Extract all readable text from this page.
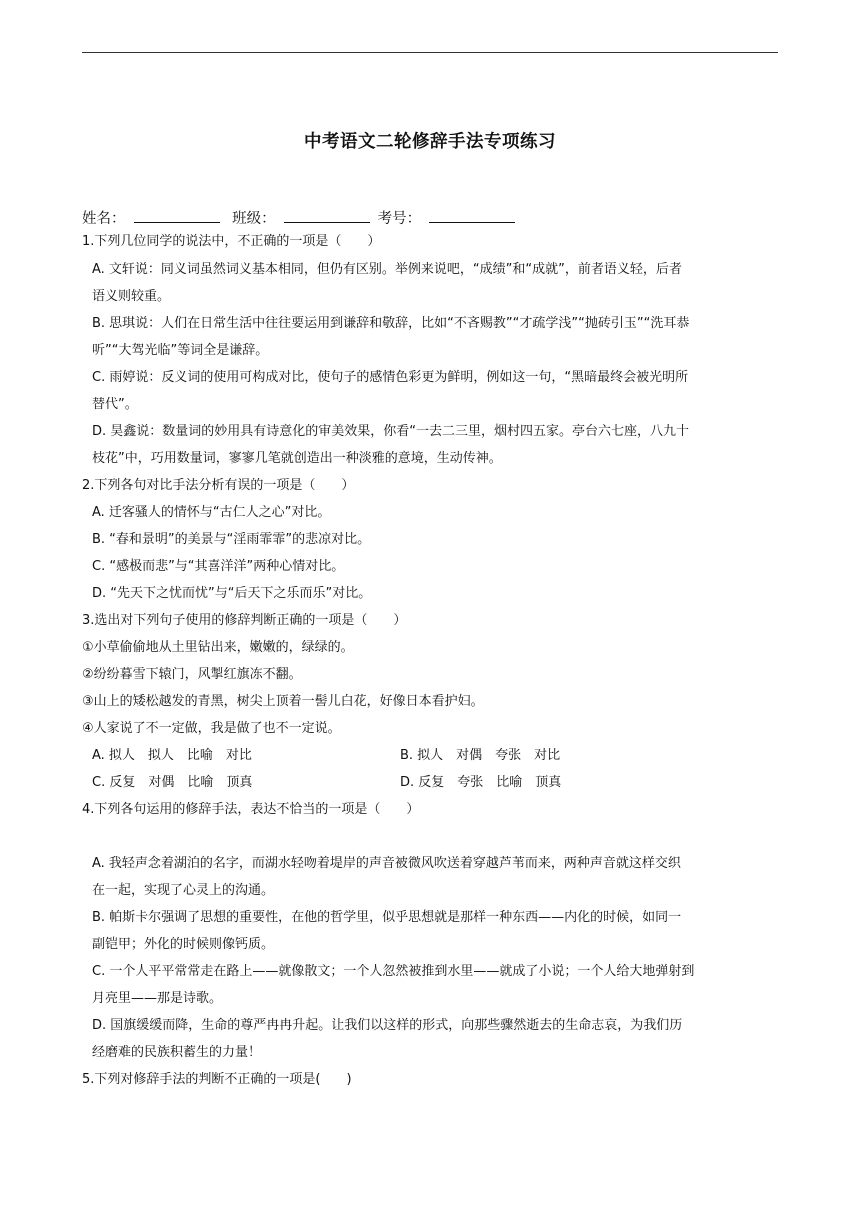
中考语文二轮修辞手法专项练习
姓名：	班级：	考号：
1.下列几位同学的说法中，不正确的一项是（　　）
A. 文轩说：同义词虽然词义基本相同，但仍有区别。举例来说吧，“成绩”和“成就”，前者语义轻，后者
语义则较重。
B. 思琪说：人们在日常生活中往往要运用到谦辞和敬辞，比如“不吝赐教”“才疏学浅”“抛砖引玉”“洗耳恭
听”“大驾光临”等词全是谦辞。
C. 雨婷说：反义词的使用可构成对比，使句子的感情色彩更为鲜明，例如这一句，“黑暗最终会被光明所
替代”。
D. 昊鑫说：数量词的妙用具有诗意化的审美效果，你看“一去二三里，烟村四五家。亭台六七座，八九十
枝花”中，巧用数量词，寥寥几笔就创造出一种淡雅的意境，生动传神。
2.下列各句对比手法分析有误的一项是（　　）
A. 迁客骚人的情怀与“古仁人之心”对比。
B. “春和景明”的美景与“淫雨霏霏”的悲凉对比。
C. “感极而悲”与“其喜洋洋”两种心情对比。
D. “先天下之忧而忧”与“后天下之乐而乐”对比。
3.选出对下列句子使用的修辞判断正确的一项是（　　）
①小草偷偷地从土里钻出来，嫩嫩的，绿绿的。
②纷纷暮雪下辕门，风掣红旗冻不翻。
③山上的矮松越发的青黑，树尖上顶着一髻儿白花，好像日本看护妇。
④人家说了不一定做，我是做了也不一定说。
A. 拟人　拟人　比喻　对比	B. 拟人　对偶　夸张　对比
C. 反复　对偶　比喻　顶真	D. 反复　夸张　比喻　顶真
4.下列各句运用的修辞手法，表达不恰当的一项是（　　）
A. 我轻声念着湖泊的名字，而湖水轻吻着堤岸的声音被微风吹送着穿越芦苇而来，两种声音就这样交织
在一起，实现了心灵上的沟通。
B. 帕斯卡尔强调了思想的重要性，在他的哲学里，似乎思想就是那样一种东西——内化的时候，如同一
副铠甲；外化的时候则像钙质。
C. 一个人平平常常走在路上——就像散文；一个人忽然被推到水里——就成了小说；一个人给大地弹射到
月亮里——那是诗歌。
D. 国旗缓缓而降，生命的尊严冉冉升起。让我们以这样的形式，向那些骤然逝去的生命志哀，为我们历
经磨难的民族积蓄生的力量！
5.下列对修辞手法的判断不正确的一项是(　　)
